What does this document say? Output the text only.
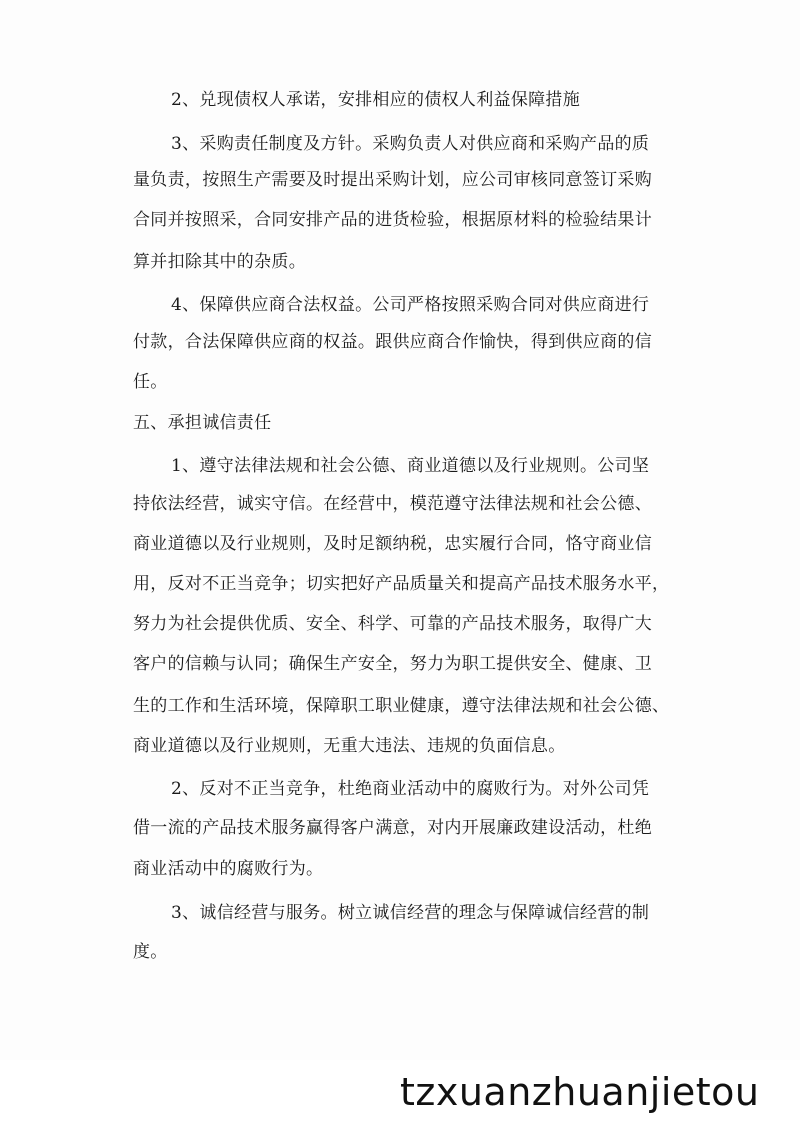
2、兑现债权人承诺，安排相应的债权人利益保障措施
3、采购责任制度及方针。采购负责人对供应商和采购产品的质
量负责，按照生产需要及时提出采购计划，应公司审核同意签订采购
合同并按照采，合同安排产品的进货检验，根据原材料的检验结果计
算并扣除其中的杂质。
4、保障供应商合法权益。公司严格按照采购合同对供应商进行
付款，合法保障供应商的权益。跟供应商合作愉快，得到供应商的信
任。
五、承担诚信责任
1、遵守法律法规和社会公德、商业道德以及行业规则。公司坚
持依法经营，诚实守信。在经营中，模范遵守法律法规和社会公德、
商业道德以及行业规则，及时足额纳税，忠实履行合同，恪守商业信
用，反对不正当竞争；切实把好产品质量关和提高产品技术服务水平，
努力为社会提供优质、安全、科学、可靠的产品技术服务，取得广大
客户的信赖与认同；确保生产安全，努力为职工提供安全、健康、卫
生的工作和生活环境，保障职工职业健康，遵守法律法规和社会公德、
商业道德以及行业规则，无重大违法、违规的负面信息。
2、反对不正当竞争，杜绝商业活动中的腐败行为。对外公司凭
借一流的产品技术服务赢得客户满意，对内开展廉政建设活动，杜绝
商业活动中的腐败行为。
3、诚信经营与服务。树立诚信经营的理念与保障诚信经营的制
度。
tzxuanzhuanjietou
